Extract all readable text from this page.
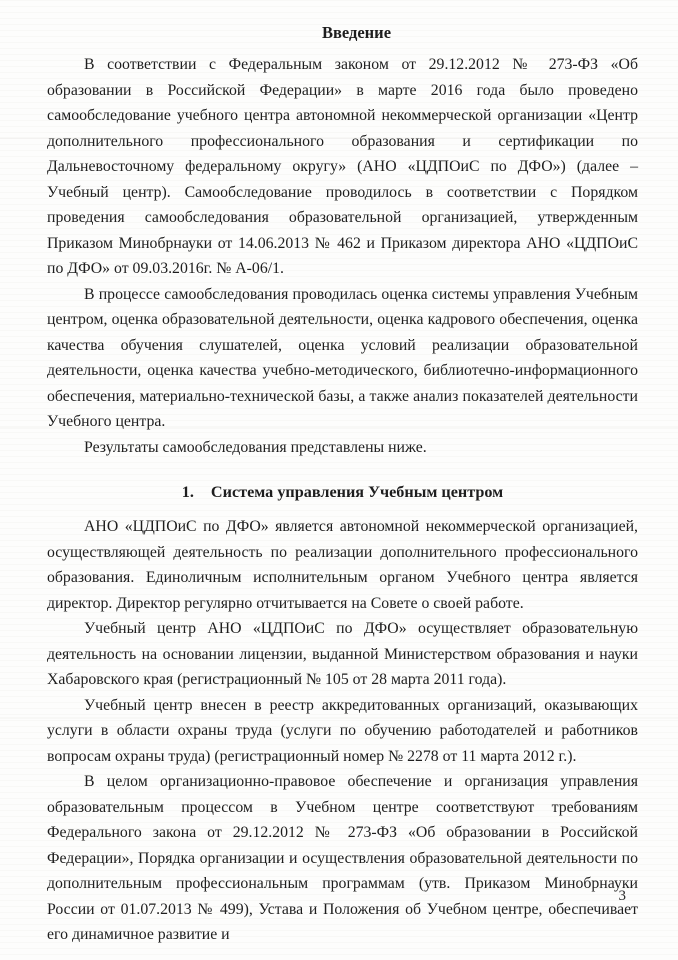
Введение

В соответствии с Федеральным законом от 29.12.2012 № 273-ФЗ «Об образовании в Российской Федерации» в марте 2016 года было проведено самообследование учебного центра автономной некоммерческой организации «Центр дополнительного профессионального образования и сертификации по Дальневосточному федеральному округу» (АНО «ЦДПОиС по ДФО») (далее – Учебный центр). Самообследование проводилось в соответствии с Порядком проведения самообследования образовательной организацией, утвержденным Приказом Минобрнауки от 14.06.2013 № 462 и Приказом директора АНО «ЦДПОиС по ДФО» от 09.03.2016г. № А-06/1.

В процессе самообследования проводилась оценка системы управления Учебным центром, оценка образовательной деятельности, оценка кадрового обеспечения, оценка качества обучения слушателей, оценка условий реализации образовательной деятельности, оценка качества учебно-методического, библиотечно-информационного обеспечения, материально-технической базы, а также анализ показателей деятельности Учебного центра.

Результаты самообследования представлены ниже.

1. Система управления Учебным центром

АНО «ЦДПОиС по ДФО» является автономной некоммерческой организацией, осуществляющей деятельность по реализации дополнительного профессионального образования. Единоличным исполнительным органом Учебного центра является директор. Директор регулярно отчитывается на Совете о своей работе.

Учебный центр АНО «ЦДПОиС по ДФО» осуществляет образовательную деятельность на основании лицензии, выданной Министерством образования и науки Хабаровского края (регистрационный № 105 от 28 марта 2011 года).

Учебный центр внесен в реестр аккредитованных организаций, оказывающих услуги в области охраны труда (услуги по обучению работодателей и работников вопросам охраны труда) (регистрационный номер № 2278 от 11 марта 2012 г.).

В целом организационно-правовое обеспечение и организация управления образовательным процессом в Учебном центре соответствуют требованиям Федерального закона от 29.12.2012 № 273-ФЗ «Об образовании в Российской Федерации», Порядка организации и осуществления образовательной деятельности по дополнительным профессиональным программам (утв. Приказом Минобрнауки России от 01.07.2013 № 499), Устава и Положения об Учебном центре, обеспечивает его динамичное развитие и

3
